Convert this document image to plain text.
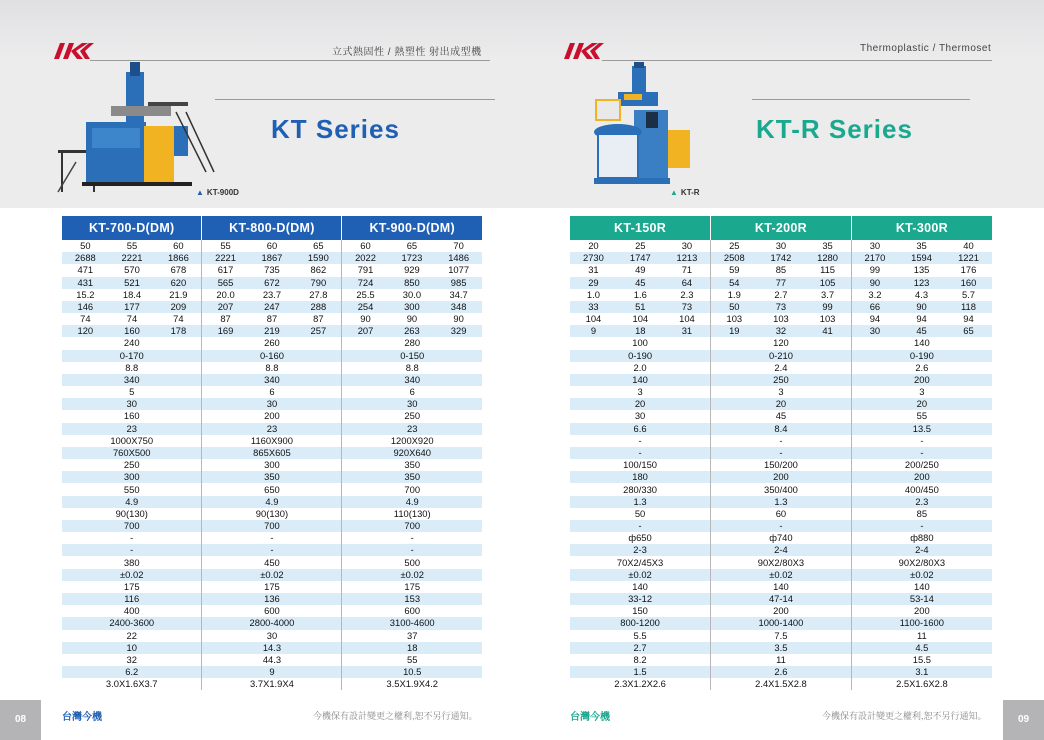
立式熱固性 / 熱塑性 射出成型機
KT Series
▲ KT-900D
KT-700-D(DM)			KT-800-D(DM)			KT-900-D(DM)		
50	55	60	55	60	65	60	65	70
2688	2221	1866	2221	1867	1590	2022	1723	1486
471	570	678	617	735	862	791	929	1077
431	521	620	565	672	790	724	850	985
15.2	18.4	21.9	20.0	23.7	27.8	25.5	30.0	34.7
146	177	209	207	247	288	254	300	348
74	74	74	87	87	87	90	90	90
120	160	178	169	219	257	207	263	329
240			260			280		
0-170			0-160			0-150		
8.8			8.8			8.8		
340			340			340		
5			6			6		
30			30			30		
160			200			250		
23			23			23		
1000X750			1160X900			1200X920		
760X500			865X605			920X640		
250			300			350		
300			350			350		
550			650			700		
4.9			4.9			4.9		
90(130)			90(130)			110(130)		
700			700			700		
-			-			-		
-			-			-		
380			450			500		
±0.02			±0.02			±0.02		
175			175			175		
116			136			153		
400			600			600		
2400-3600			2800-4000			3100-4600		
22			30			37		
10			14.3			18		
32			44.3			55		
6.2			9			10.5		
3.0X1.6X3.7			3.7X1.9X4			3.5X1.9X4.2		
08	台灣今機	今機保有設計變更之權利,恕不另行通知。
Thermoplastic / Thermoset
KT-R Series
▲ KT-R
KT-150R			KT-200R			KT-300R		
20	25	30	25	30	35	30	35	40
2730	1747	1213	2508	1742	1280	2170	1594	1221
31	49	71	59	85	115	99	135	176
29	45	64	54	77	105	90	123	160
1.0	1.6	2.3	1.9	2.7	3.7	3.2	4.3	5.7
33	51	73	50	73	99	66	90	118
104	104	104	103	103	103	94	94	94
9	18	31	19	32	41	30	45	65
100			120			140		
0-190			0-210			0-190		
2.0			2.4			2.6		
140			250			200		
3			3			3		
20			20			20		
30			45			55		
6.6			8.4			13.5		
-			-			-		
-			-			-		
100/150			150/200			200/250		
180			200			200		
280/330			350/400			400/450		
1.3			1.3			2.3		
50			60			85		
-			-			-		
ф650			ф740			ф880		
2-3			2-4			2-4		
70X2/45X3			90X2/80X3			90X2/80X3		
±0.02			±0.02			±0.02		
140			140			140		
33-12			47-14			53-14		
150			200			200		
800-1200			1000-1400			1100-1600		
5.5			7.5			11		
2.7			3.5			4.5		
8.2			11			15.5		
1.5			2.6			3.1		
2.3X1.2X2.6			2.4X1.5X2.8			2.5X1.6X2.8		
09
台灣今機	今機保有設計變更之權利,恕不另行通知。
